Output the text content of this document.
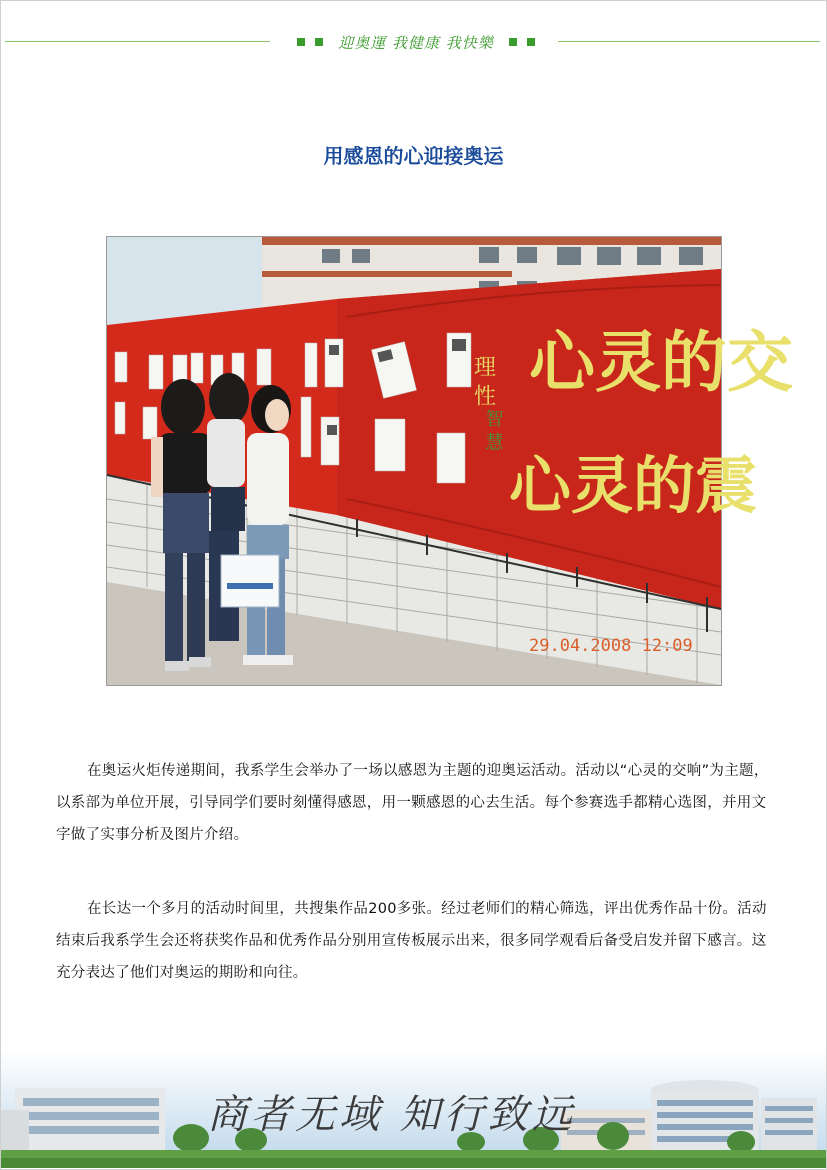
迎奥運 我健康 我快樂
用感恩的心迎接奥运
心灵的交
心灵的震
理 性
智 慧
29.04.2008 12:09

在奥运火炬传递期间，我系学生会举办了一场以感恩为主题的迎奥运活动。活动以“心灵的交响”为主题，以系部为单位开展，引导同学们要时刻懂得感恩，用一颗感恩的心去生活。每个参赛选手都精心选图，并用文字做了实事分析及图片介绍。

在长达一个多月的活动时间里，共搜集作品200多张。经过老师们的精心筛选，评出优秀作品十份。活动结束后我系学生会还将获奖作品和优秀作品分别用宣传板展示出来，很多同学观看后备受启发并留下感言。这充分表达了他们对奥运的期盼和向往。

商者无域 知行致远
